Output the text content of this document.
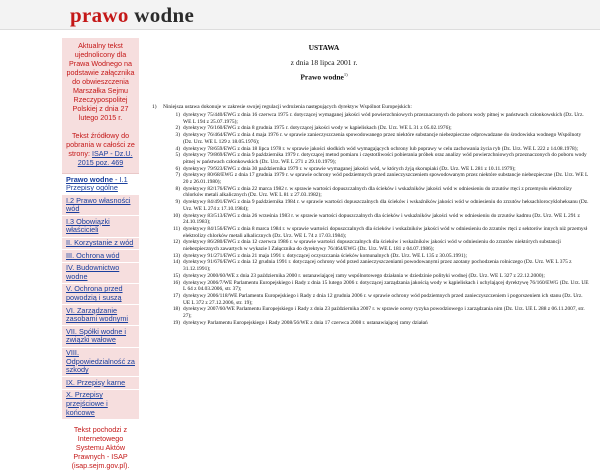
prawo wodne
Aktualny tekst ujednolicony dla Prawa Wodnego na podstawie załącznika do obwieszczenia Marszałka Sejmu Rzeczypospolitej Polskiej z dnia 27 lutego 2015 r.
Tekst źródłowy do pobrania w całości ze strony: ISAP - Dz.U. 2015 poz. 469
Prawo wodne - I.1 Przepisy ogólne
I.2 Prawo własności wód
I.3 Obowiązki właścicieli
II. Korzystanie z wód
III. Ochrona wód
IV. Budownictwo wodne
V. Ochrona przed powodzią i suszą
VI. Zarządzanie zasobami wodnymi
VII. Spółki wodne i związki wałowe
VIII. Odpowiedzialność za szkody
IX. Przepisy karne
X. Przepisy przejściowe i końcowe
Tekst pochodzi z Internetowego Systemu Aktów Prawnych - ISAP (isap.sejm.gov.pl).
USTAWA
z dnia 18 lipca 2001 r.
Prawo wodne$^{1)}$
1) Niniejsza ustawa dokonuje w zakresie swojej regulacji wdrożenia następujących dyrektyw Wspólnot Europejskich:
1) dyrektywy 75/440/EWG z dnia 16 czerwca 1975 r. dotyczącej wymaganej jakości wód powierzchniowych przeznaczonych do poboru wody pitnej w państwach członkowskich (Dz. Urz. WE L 194 z 25.07.1975);
2) dyrektywy 76/160/EWG z dnia 8 grudnia 1975 r. dotyczącej jakości wody w kąpieliskach (Dz. Urz. WE L 31 z 05.02.1976);
3) dyrektywy 76/464/EWG z dnia 4 maja 1976 r. w sprawie zanieczyszczenia spowodowanego przez niektóre substancje niebezpieczne odprowadzane do środowiska wodnego Wspólnoty (Dz. Urz. WE L 129 z 18.05.1976);
4) dyrektywy 78/659/EWG z dnia 18 lipca 1978 r. w sprawie jakości słodkich wód wymagających ochrony lub poprawy w celu zachowania życia ryb (Dz. Urz. WE L 222 z 14.08.1978);
5) dyrektywy 79/869/EWG z dnia 9 października 1979 r. dotyczącej metod pomiaru i częstotliwości pobierania próbek oraz analizy wód powierzchniowych przeznaczonych do poboru wody pitnej w państwach członkowskich (Dz. Urz. WE L 271 z 29.10.1979);
6) dyrektywy 79/923/EWG z dnia 30 października 1979 r. w sprawie wymaganej jakości wód, w których żyją skorupiaki (Dz. Urz. WE L 281 z 10.11.1979);
7) dyrektywy 80/68/EWG z dnia 17 grudnia 1979 r. w sprawie ochrony wód podziemnych przed zanieczyszczeniem spowodowanym przez niektóre substancje niebezpieczne (Dz. Urz. WE L 20 z 26.01.1980);
8) dyrektywy 82/176/EWG z dnia 22 marca 1982 r. w sprawie wartości dopuszczalnych dla ścieków i wskaźników jakości wód w odniesieniu do zrzutów rtęci z przemysłu elektrolizy chlorków metali alkalicznych (Dz. Urz. WE L 81 z 27.03.1982);
9) dyrektywy 84/491/EWG z dnia 9 października 1984 r. w sprawie wartości dopuszczalnych dla ścieków i wskaźników jakości wód w odniesieniu do zrzutów heksachlorocykloheksanu (Dz. Urz. WE L 274 z 17.10.1984);
10) dyrektywy 83/513/EWG z dnia 26 września 1983 r. w sprawie wartości dopuszczalnych dla ścieków i wskaźników jakości wód w odniesieniu do zrzutów kadmu (Dz. Urz. WE L 291 z 24.10.1983);
11) dyrektywy 84/156/EWG z dnia 8 marca 1984 r. w sprawie wartości dopuszczalnych dla ścieków i wskaźników jakości wód w odniesieniu do zrzutów rtęci z sektorów innych niż przemysł elektrolizy chlorków metali alkalicznych (Dz. Urz. WE L 74 z 17.03.1984);
12) dyrektywy 86/280/EWG z dnia 12 czerwca 1986 r. w sprawie wartości dopuszczalnych dla ścieków i wskaźników jakości wód w odniesieniu do zrzutów niektórych substancji niebezpiecznych zawartych w wykazie I Załącznika do dyrektywy 76/464/EWG (Dz. Urz. WE L 181 z 04.07.1986);
13) dyrektywy 91/271/EWG z dnia 21 maja 1991 r. dotyczącej oczyszczania ścieków komunalnych (Dz. Urz. WE L 135 z 30.05.1991);
14) dyrektywy 91/676/EWG z dnia 12 grudnia 1991 r. dotyczącej ochrony wód przed zanieczyszczeniami powodowanymi przez azotany pochodzenia rolniczego (Dz. Urz. WE L 375 z 31.12.1991);
15) dyrektywy 2000/60/WE z dnia 23 października 2000 r. ustanawiającej ramy wspólnotowego działania w dziedzinie polityki wodnej (Dz. Urz. WE L 327 z 22.12.2000);
16) dyrektywy 2006/7/WE Parlamentu Europejskiego i Rady z dnia 15 lutego 2006 r. dotyczącej zarządzania jakością wody w kąpieliskach i uchylającej dyrektywę 76/160/EWG (Dz. Urz. UE L 64 z 04.03.2006, str. 37);
17) dyrektywy 2006/118/WE Parlamentu Europejskiego i Rady z dnia 12 grudnia 2006 r. w sprawie ochrony wód podziemnych przed zanieczyszczeniem i pogorszeniem ich stanu (Dz. Urz. UE L 372 z 27.12.2006, str. 19);
18) dyrektywy 2007/60/WE Parlamentu Europejskiego i Rady z dnia 23 października 2007 r. w sprawie oceny ryzyka powodziowego i zarządzania nim (Dz. Urz. UE L 288 z 06.11.2007, str. 27);
19) dyrektywy Parlamentu Europejskiego i Rady 2008/56/WE z dnia 17 czerwca 2008 r. ustanawiającej ramy działań
